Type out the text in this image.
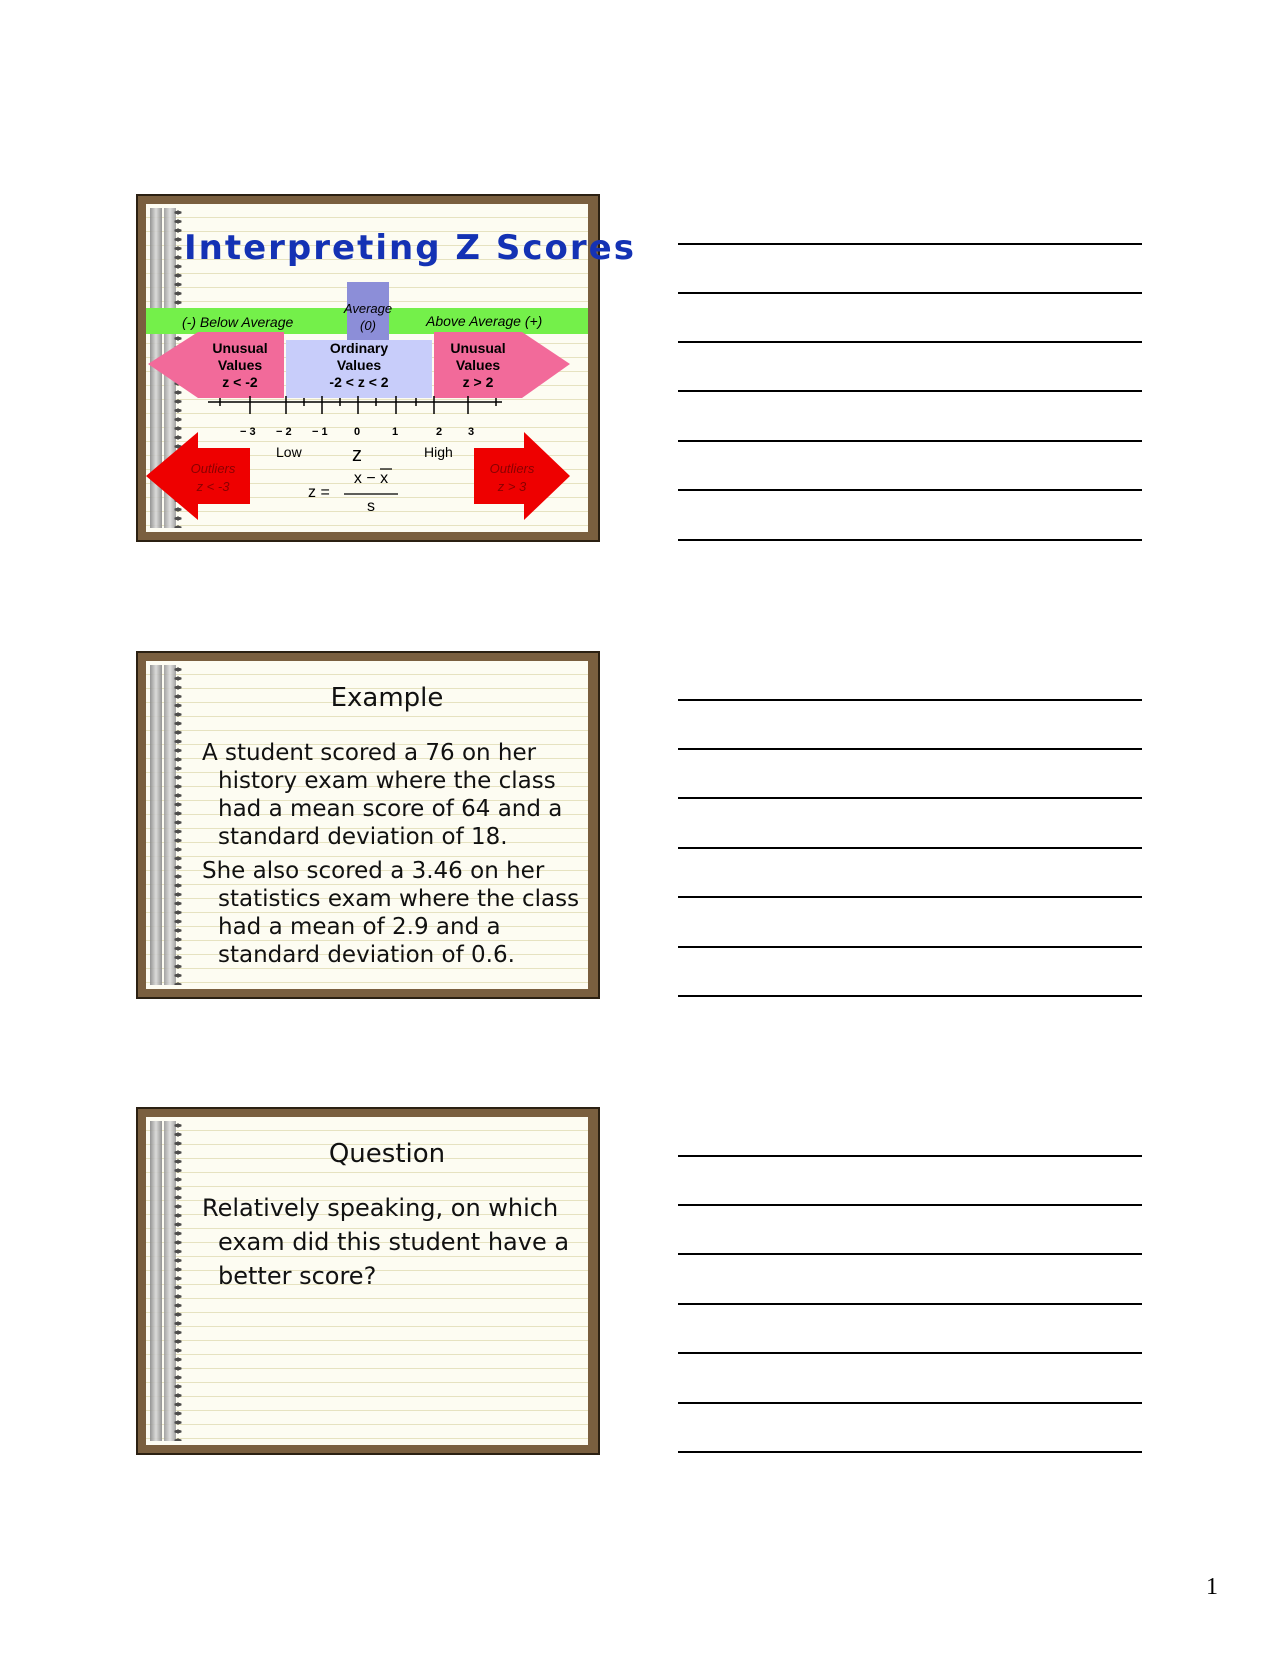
Interpreting Z Scores
(-) Below Average	Above Average (+)
Average (0)
Unusual
Values
z < -2
Ordinary
Values
-2 < z < 2
Unusual
Values
z > 2
− 3 − 2 − 1 0	1	2 3
Low	z	High
Outliers
z < -3
Outliers
z > 3
z =
x − x
s
Example
A student scored a 76 on her history exam where the class had a mean score of 64 and a standard deviation of 18.
She also scored a 3.46 on her statistics exam where the class had a mean of 2.9 and a standard deviation of 0.6.
Question
Relatively speaking, on which exam did this student have a better score?
1
